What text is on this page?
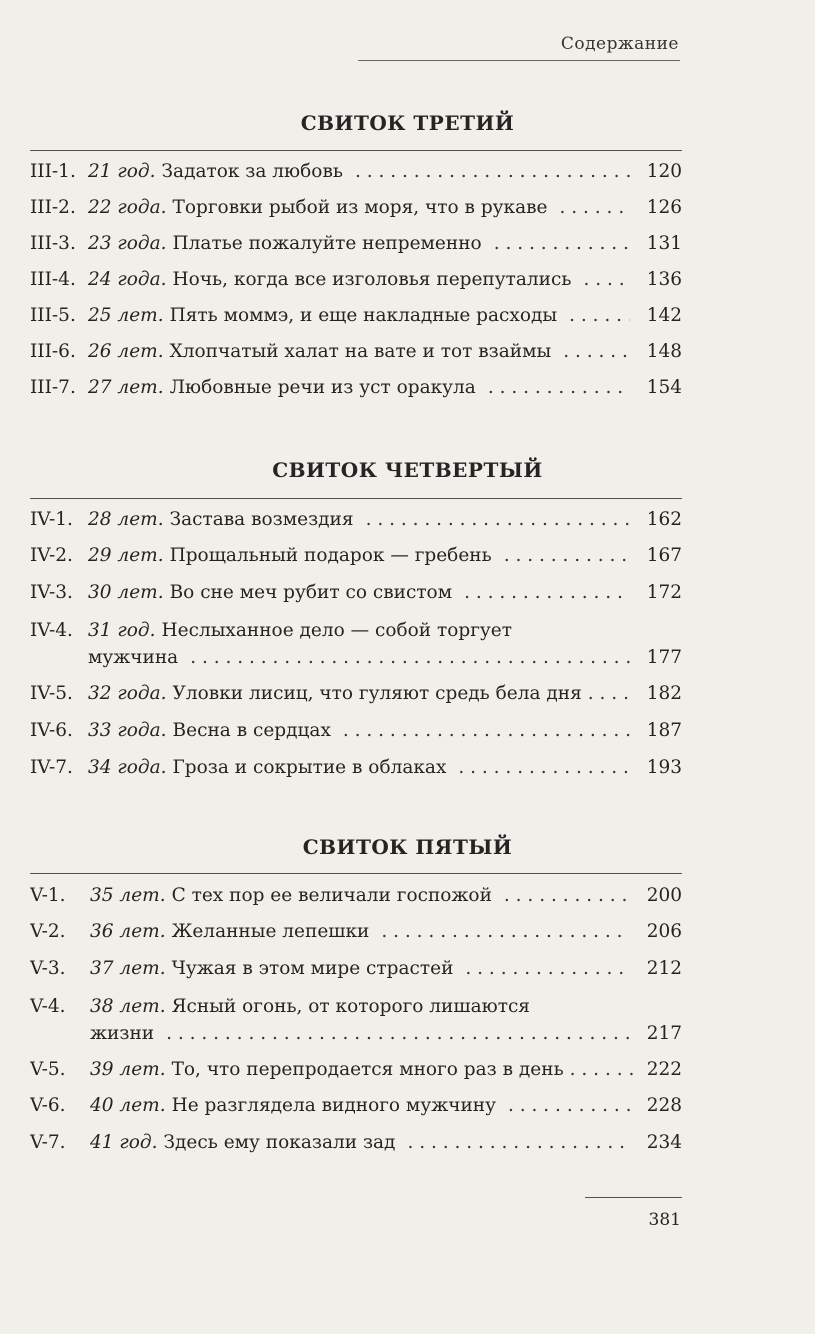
Содержание
СВИТОК ТРЕТИЙ
III-1. 21 год. Задаток за любовь . . .	120
III-2. 22 года. Торговки рыбой из моря, что в рукаве . . .	126
III-3. 23 года. Платье пожалуйте непременно . . .	131
III-4. 24 года. Ночь, когда все изголовья перепутались . . .	136
III-5. 25 лет. Пять моммэ, и еще накладные расходы . . .	142
III-6. 26 лет. Хлопчатый халат на вате и тот взаймы . . .	148
III-7. 27 лет. Любовные речи из уст оракула . . .	154
СВИТОК ЧЕТВЕРТЫЙ
IV-1. 28 лет. Застава возмездия . . .	162
IV-2. 29 лет. Прощальный подарок — гребень . . .	167
IV-3. 30 лет. Во сне меч рубит со свистом . . .	172
IV-4. 31 год. Неслыханное дело — собой торгует
мужчина . . .	177
IV-5. 32 года. Уловки лисиц, что гуляют средь бела дня . . .	182
IV-6. 33 года. Весна в сердцах . . .	187
IV-7. 34 года. Гроза и сокрытие в облаках . . .	193
СВИТОК ПЯТЫЙ
V-1.	35 лет. С тех пор ее величали госпожой . . .	200
V-2.	36 лет. Желанные лепешки . . .	206
V-3.	37 лет. Чужая в этом мире страстей . . .	212
V-4.	38 лет. Ясный огонь, от которого лишаются
жизни . . .	217
V-5.	39 лет. То, что перепродается много раз в день . . .	222
V-6.	40 лет. Не разглядела видного мужчину . . .	228
V-7.	41 год. Здесь ему показали зад . . .	234
381
